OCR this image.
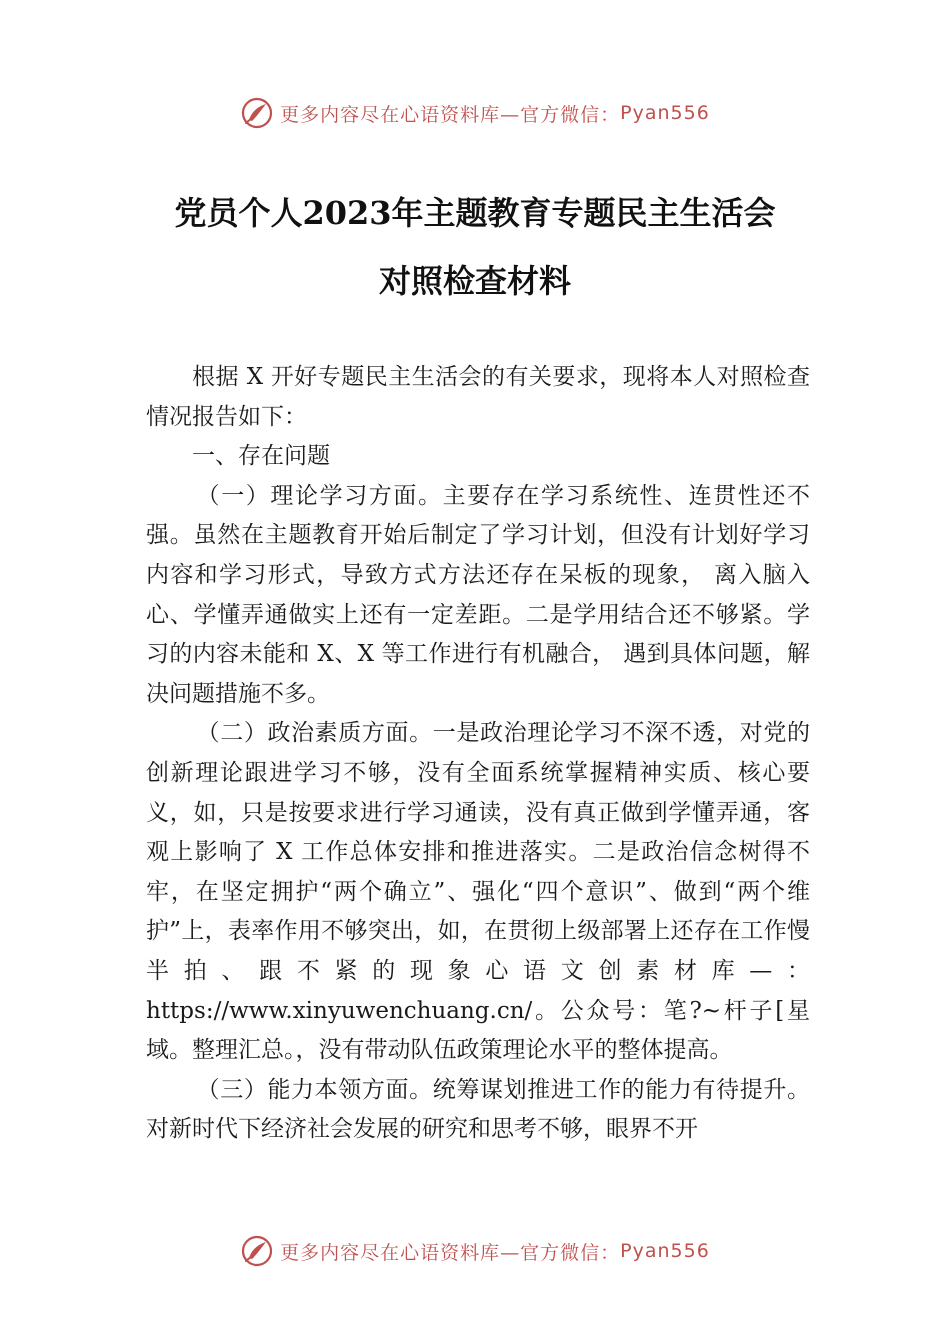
更多内容尽在心语资料库—官方微信： Pyan556
党员个人2023年主题教育专题民主生活会
对照检查材料

根据 X 开好专题民主生活会的有关要求，现将本人对照检查情况报告如下：

一、存在问题

（一）理论学习方面。主要存在学习系统性、连贯性还不强。虽然在主题教育开始后制定了学习计划，但没有计划好学习内容和学习形式，导致方式方法还存在呆板的现象， 离入脑入心、学懂弄通做实上还有一定差距。二是学用结合还不够紧。学习的内容未能和 X、X 等工作进行有机融合， 遇到具体问题，解决问题措施不多。

（二）政治素质方面。一是政治理论学习不深不透，对党的创新理论跟进学习不够，没有全面系统掌握精神实质、核心要义，如，只是按要求进行学习通读，没有真正做到学懂弄通，客观上影响了 X 工作总体安排和推进落实。二是政治信念树得不牢，在坚定拥护“两个确立”、强化“四个意识”、做到“两个维护”上，表率作用不够突出，如，在贯彻上级部署上还存在工作慢半拍、跟不紧的现象心语文创素材库—：https://www.xinyuwenchuang.cn/。公众号：笔?~杆子[星域。整理汇总。，没有带动队伍政策理论水平的整体提高。

（三）能力本领方面。统筹谋划推进工作的能力有待提升。对新时代下经济社会发展的研究和思考不够，眼界不开

更多内容尽在心语资料库—官方微信： Pyan556
